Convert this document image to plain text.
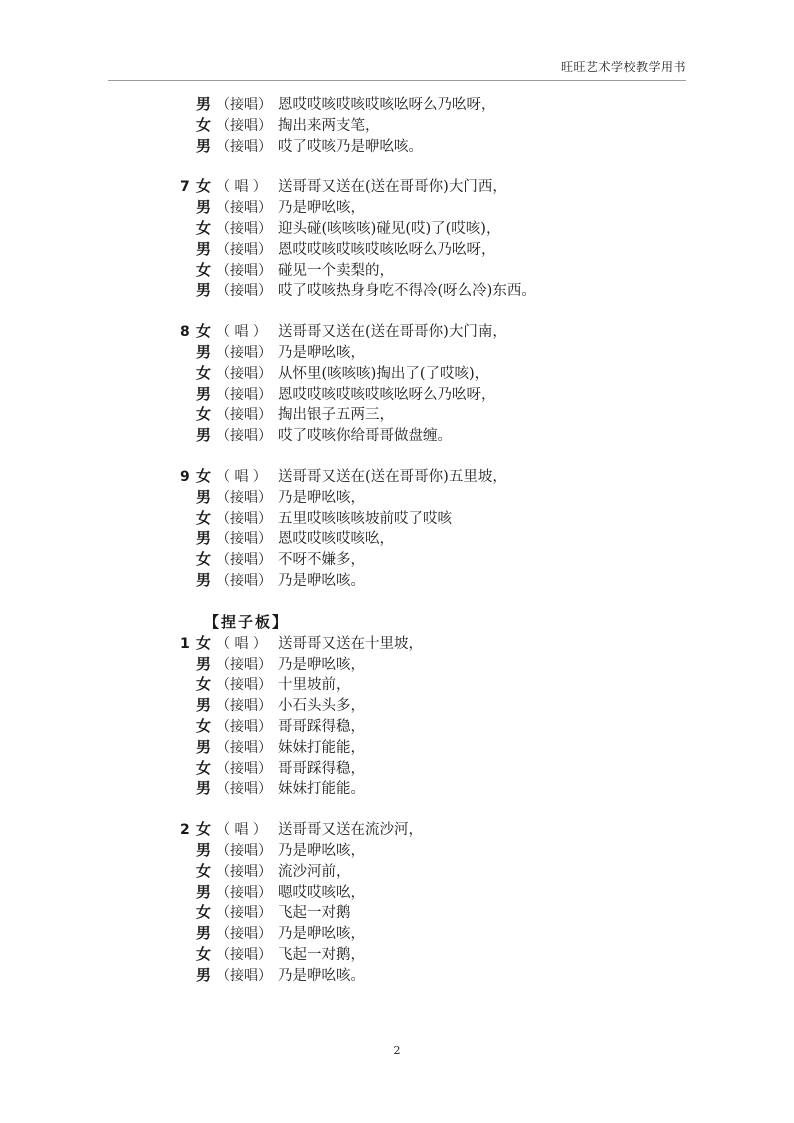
旺旺艺术学校教学用书
男 （接唱） 恩哎哎咳哎咳哎咳吆呀么乃吆呀，
女 （接唱） 掏出来两支笔，
男 （接唱） 哎了哎咳乃是咿吆咳。
7 女 （ 唱 ） 送哥哥又送在(送在哥哥你)大门西，
男 （接唱） 乃是咿吆咳，
女 （接唱） 迎头碰(咳咳咳)碰见(哎)了(哎咳)，
男 （接唱） 恩哎哎咳哎咳哎咳吆呀么乃吆呀，
女 （接唱） 碰见一个卖梨的，
男 （接唱） 哎了哎咳热身身吃不得冷(呀么冷)东西。
8 女 （ 唱 ） 送哥哥又送在(送在哥哥你)大门南，
男 （接唱） 乃是咿吆咳，
女 （接唱） 从怀里(咳咳咳)掏出了(了哎咳)，
男 （接唱） 恩哎哎咳哎咳哎咳吆呀么乃吆呀，
女 （接唱） 掏出银子五两三，
男 （接唱） 哎了哎咳你给哥哥做盘缠。
9 女 （ 唱 ） 送哥哥又送在(送在哥哥你)五里坡，
男 （接唱） 乃是咿吆咳，
女 （接唱） 五里哎咳咳咳坡前哎了哎咳
男 （接唱） 恩哎哎咳哎咳吆，
女 （接唱） 不呀不嫌多，
男 （接唱） 乃是咿吆咳。
【捏子板】
1 女 （ 唱 ） 送哥哥又送在十里坡，
男 （接唱） 乃是咿吆咳，
女 （接唱） 十里坡前，
男 （接唱） 小石头头多，
女 （接唱） 哥哥踩得稳，
男 （接唱） 妹妹打能能，
女 （接唱） 哥哥踩得稳，
男 （接唱） 妹妹打能能。
2 女 （ 唱 ） 送哥哥又送在流沙河，
男 （接唱） 乃是咿吆咳，
女 （接唱） 流沙河前，
男 （接唱） 嗯哎哎咳吆，
女 （接唱） 飞起一对鹅
男 （接唱） 乃是咿吆咳，
女 （接唱） 飞起一对鹅，
男 （接唱） 乃是咿吆咳。
2
